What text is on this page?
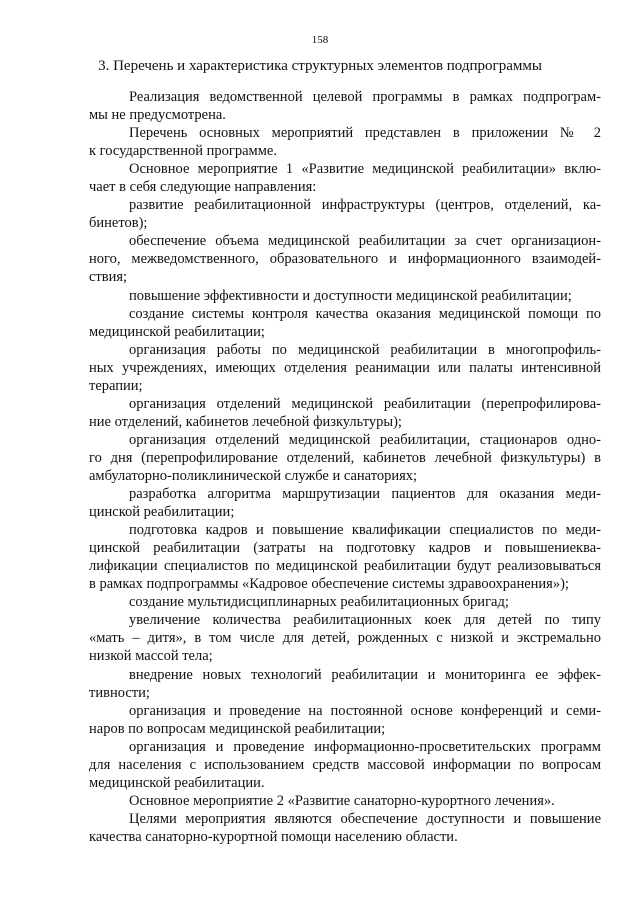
158
3. Перечень и характеристика структурных элементов подпрограммы
Реализация ведомственной целевой программы в рамках подпрограм-
мы не предусмотрена.
Перечень основных мероприятий представлен в приложении № 2
к государственной программе.
Основное мероприятие 1 «Развитие медицинской реабилитации» вклю-
чает в себя следующие направления:
развитие реабилитационной инфраструктуры (центров, отделений, ка-
бинетов);
обеспечение объема медицинской реабилитации за счет организацион-
ного, межведомственного, образовательного и информационного взаимодей-
ствия;
повышение эффективности и доступности медицинской реабилитации;
создание системы контроля качества оказания медицинской помощи по
медицинской реабилитации;
организация работы по медицинской реабилитации в многопрофиль-
ных учреждениях, имеющих отделения реанимации или палаты интенсивной
терапии;
организация отделений медицинской реабилитации (перепрофилирова-
ние отделений, кабинетов лечебной физкультуры);
организация отделений медицинской реабилитации, стационаров одно-
го дня (перепрофилирование отделений, кабинетов лечебной физкультуры) в
амбулаторно-поликлинической службе и санаториях;
разработка алгоритма маршрутизации пациентов для оказания меди-
цинской реабилитации;
подготовка кадров и повышение квалификации специалистов по меди-
цинской реабилитации (затраты на подготовку кадров и повышениеква-
лификации специалистов по медицинской реабилитации будут реализовываться
в рамках подпрограммы «Кадровое обеспечение системы здравоохранения»);
создание мультидисциплинарных реабилитационных бригад;
увеличение количества реабилитационных коек для детей по типу
«мать – дитя», в том числе для детей, рожденных с низкой и экстремально
низкой массой тела;
внедрение новых технологий реабилитации и мониторинга ее эффек-
тивности;
организация и проведение на постоянной основе конференций и семи-
наров по вопросам медицинской реабилитации;
организация и проведение информационно-просветительских программ
для населения с использованием средств массовой информации по вопросам
медицинской реабилитации.
Основное мероприятие 2 «Развитие санаторно-курортного лечения».
Целями мероприятия являются обеспечение доступности и повышение
качества санаторно-курортной помощи населению области.
